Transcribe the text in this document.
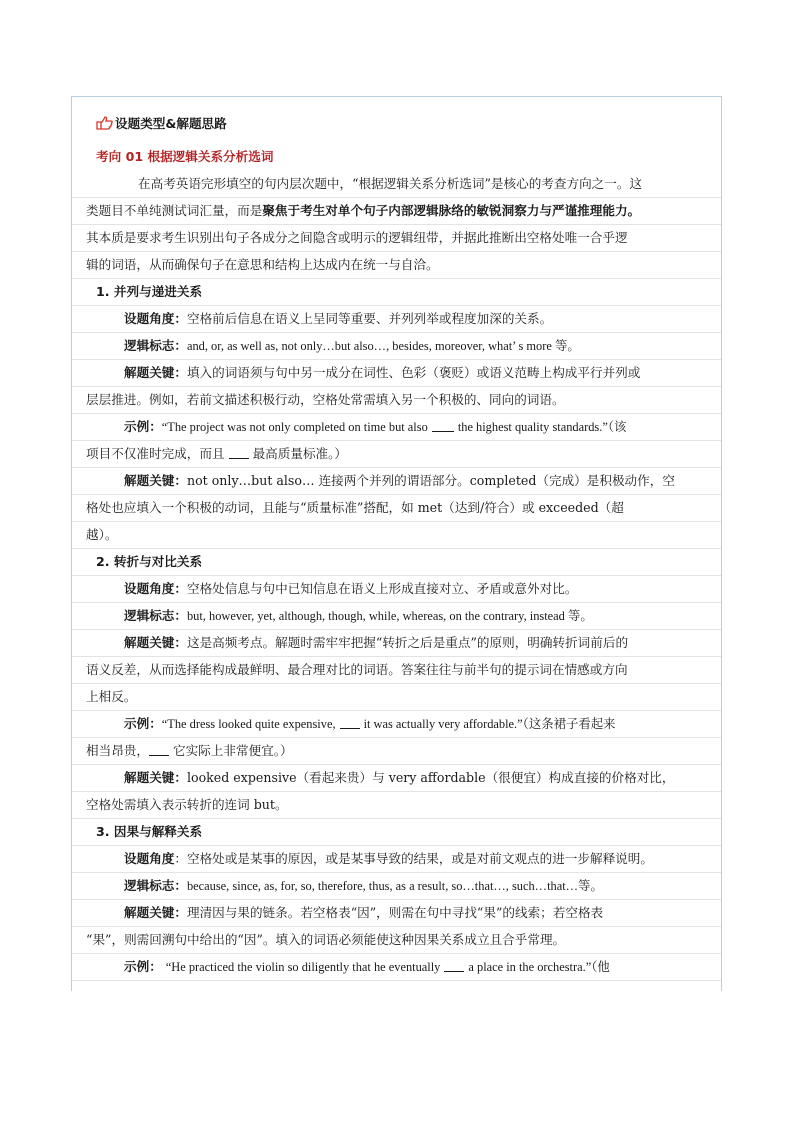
设题类型&解题思路
考向 01 根据逻辑关系分析选词
在高考英语完形填空的句内层次题中，“根据逻辑关系分析选词”是核心的考查方向之一。这
类题目不单纯测试词汇量，而是聚焦于考生对单个句子内部逻辑脉络的敏锐洞察力与严谨推理能力。
其本质是要求考生识别出句子各成分之间隐含或明示的逻辑纽带，并据此推断出空格处唯一合乎逻
辑的词语，从而确保句子在意思和结构上达成内在统一与自洽。
1. 并列与递进关系
设题角度：空格前后信息在语义上呈同等重要、并列列举或程度加深的关系。
逻辑标志：and, or, as well as, not only…but also…, besides, moreover, what’ s more 等。
解题关键：填入的词语须与句中另一成分在词性、色彩（褒贬）或语义范畴上构成平行并列或
层层推进。例如，若前文描述积极行动，空格处常需填入另一个积极的、同向的词语。
示例：“The project was not only completed on time but also the highest quality standards.”（该
项目不仅准时完成，而且 最高质量标准。）
解题关键：not only…but also… 连接两个并列的谓语部分。completed（完成）是积极动作，空
格处也应填入一个积极的动词，且能与“质量标准”搭配，如 met（达到/符合）或 exceeded（超
越）。
2. 转折与对比关系
设题角度：空格处信息与句中已知信息在语义上形成直接对立、矛盾或意外对比。
逻辑标志：but, however, yet, although, though, while, whereas, on the contrary, instead 等。
解题关键：这是高频考点。解题时需牢牢把握“转折之后是重点”的原则，明确转折词前后的
语义反差，从而选择能构成最鲜明、最合理对比的词语。答案往往与前半句的提示词在情感或方向
上相反。
示例：“The dress looked quite expensive, it was actually very affordable.”（这条裙子看起来
相当昂贵， 它实际上非常便宜。）
解题关键：looked expensive（看起来贵）与 very affordable（很便宜）构成直接的价格对比，
空格处需填入表示转折的连词 but。
3. 因果与解释关系
设题角度：空格处或是某事的原因，或是某事导致的结果，或是对前文观点的进一步解释说明。
逻辑标志：because, since, as, for, so, therefore, thus, as a result, so…that…, such…that…等。
解题关键：理清因与果的链条。若空格表“因”，则需在句中寻找“果”的线索；若空格表
“果”，则需回溯句中给出的“因”。填入的词语必须能使这种因果关系成立且合乎常理。
示例： “He practiced the violin so diligently that he eventually a place in the orchestra.”（他
